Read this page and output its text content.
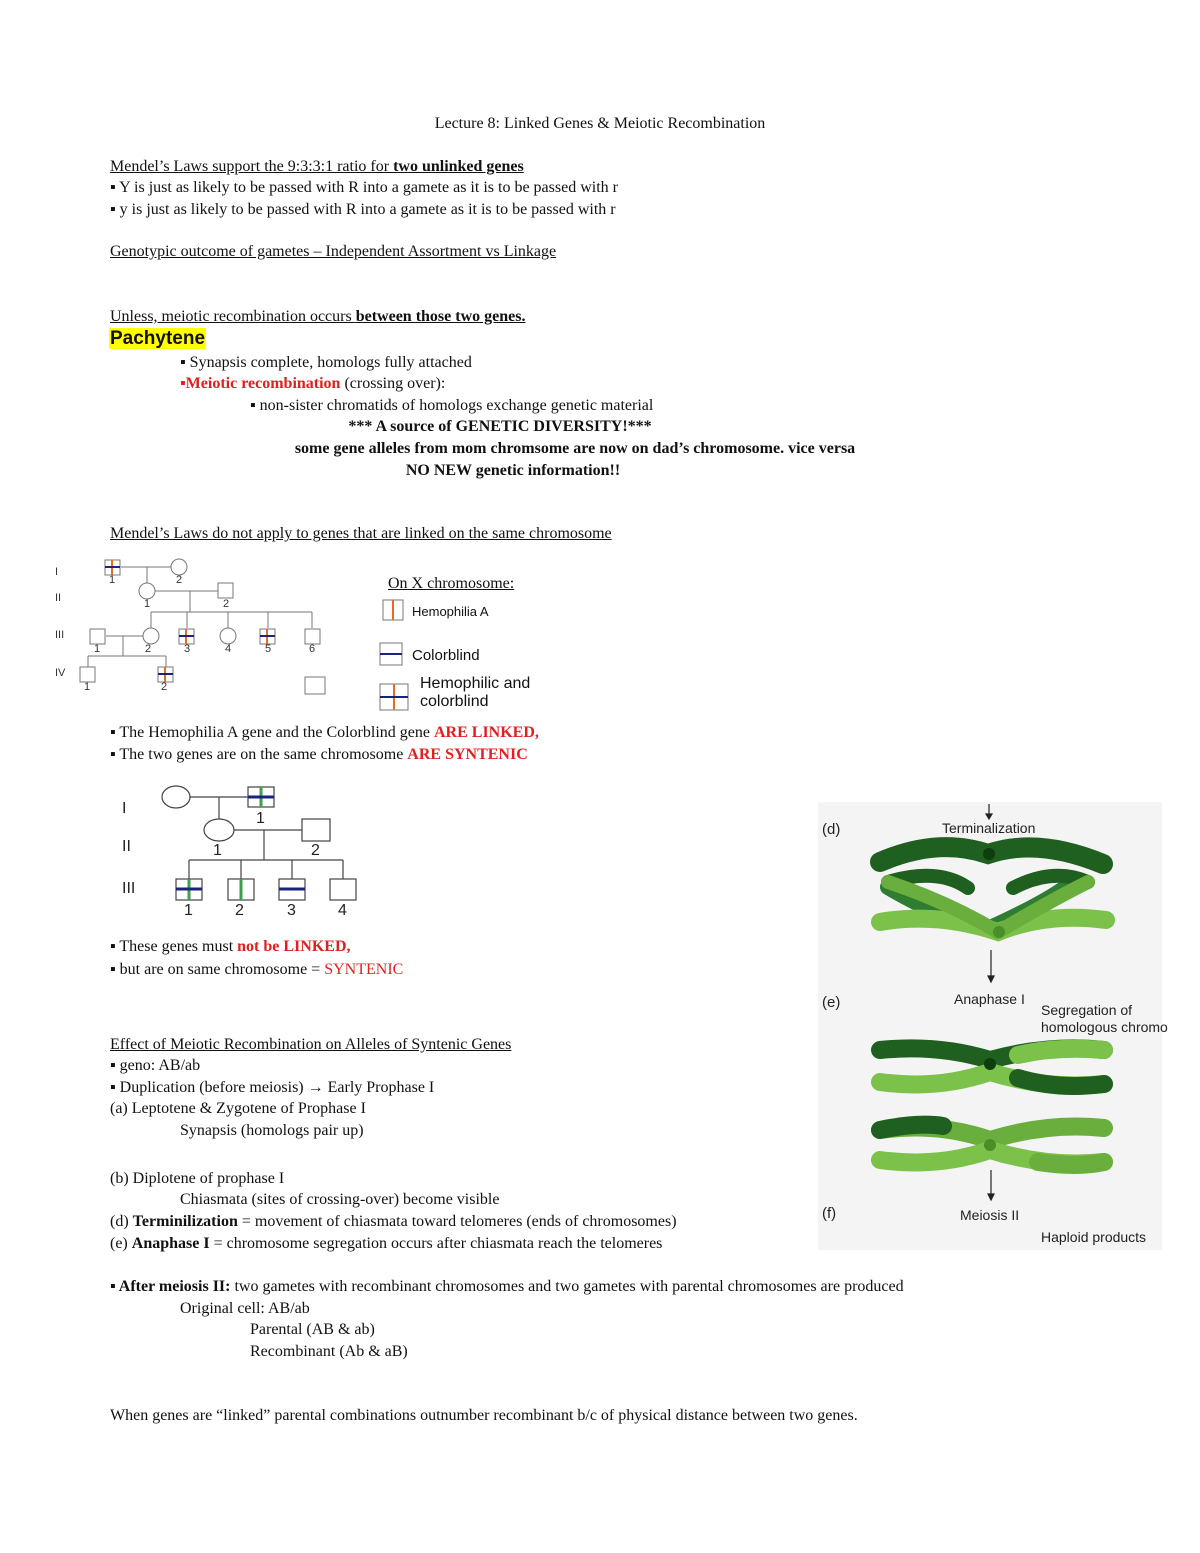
Lecture 8: Linked Genes & Meiotic Recombination
Mendel’s Laws support the 9:3:3:1 ratio for two unlinked genes
▪ Y is just as likely to be passed with R into a gamete as it is to be passed with r
▪ y is just as likely to be passed with R into a gamete as it is to be passed with r
Genotypic outcome of gametes – Independent Assortment vs Linkage
Unless, meiotic recombination occurs between those two genes.
Pachytene
▪ Synapsis complete, homologs fully attached
▪Meiotic recombination (crossing over):
▪ non-sister chromatids of homologs exchange genetic material
*** A source of GENETIC DIVERSITY!***
some gene alleles from mom chromsome are now on dad’s chromosome. vice versa
NO NEW genetic information!!
Mendel’s Laws do not apply to genes that are linked on the same chromosome
I
II
III
IV
1	2
1	2
1	2	3	4	5	6
1	2
On X chromosome:
Hemophilia A
Colorblind
Hemophilic and
colorblind
▪ The Hemophilia A gene and the Colorblind gene ARE LINKED,
▪ The two genes are on the same chromosome ARE SYNTENIC
I
II
III
1
1	2
1	2	3	4
▪ These genes must not be LINKED,
▪ but are on same chromosome = SYNTENIC
Effect of Meiotic Recombination on Alleles of Syntenic Genes
▪ geno: AB/ab
▪ Duplication (before meiosis) → Early Prophase I
(a) Leptotene & Zygotene of Prophase I
Synapsis (homologs pair up)
(b) Diplotene of prophase I
Chiasmata (sites of crossing-over) become visible
(d) Terminilization = movement of chiasmata toward telomeres (ends of chromosomes)
(e) Anaphase I = chromosome segregation occurs after chiasmata reach the telomeres
▪ After meiosis II: two gametes with recombinant chromosomes and two gametes with parental chromosomes are produced
Original cell: AB/ab
Parental (AB & ab)
Recombinant (Ab & aB)
When genes are “linked” parental combinations outnumber recombinant b/c of physical distance between two genes.
(d)	Terminalization
(e)	Anaphase I
Segregation of
homologous chromo
(f)	Meiosis II
Haploid products
